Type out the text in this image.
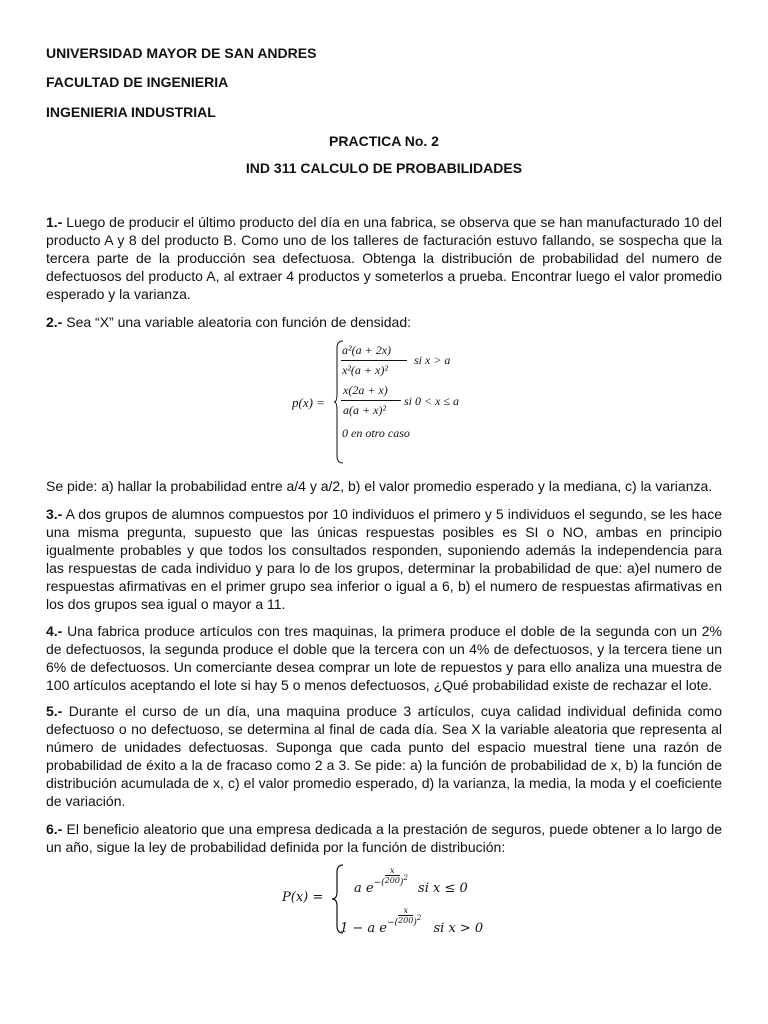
UNIVERSIDAD MAYOR DE SAN ANDRES
FACULTAD DE INGENIERIA
INGENIERIA INDUSTRIAL
PRACTICA No. 2
IND 311 CALCULO DE PROBABILIDADES
1.- Luego de producir el último producto del día en una fabrica, se observa que se han manufacturado 10 del producto A y 8 del producto B. Como uno de los talleres de facturación estuvo fallando, se sospecha que la tercera parte de la producción sea defectuosa. Obtenga la distribución de probabilidad del numero de defectuosos del producto A, al extraer 4 productos y someterlos a prueba. Encontrar luego el valor promedio esperado y la varianza.
2.- Sea “X” una variable aleatoria con función de densidad:
p(x) =
a²(a + 2x)
x²(a + x)²
si x > a
x(2a + x)
a(a + x)²
si 0 < x ≤ a
0 en otro caso
Se pide: a) hallar la probabilidad entre a/4 y a/2, b) el valor promedio esperado y la mediana, c) la varianza.
3.- A dos grupos de alumnos compuestos por 10 individuos el primero y 5 individuos el segundo, se les hace una misma pregunta, supuesto que las únicas respuestas posibles es SI o NO, ambas en principio igualmente probables y que todos los consultados responden, suponiendo además la independencia para las respuestas de cada individuo y para lo de los grupos, determinar la probabilidad de que: a)el numero de respuestas afirmativas en el primer grupo sea inferior o igual a 6, b) el numero de respuestas afirmativas en los dos grupos sea igual o mayor a 11.
4.- Una fabrica produce artículos con tres maquinas, la primera produce el doble de la segunda con un 2% de defectuosos, la segunda produce el doble que la tercera con un 4% de defectuosos, y la tercera tiene un 6% de defectuosos. Un comerciante desea comprar un lote de repuestos y para ello analiza una muestra de 100 artículos aceptando el lote si hay 5 o menos defectuosos, ¿Qué probabilidad existe de rechazar el lote.
5.- Durante el curso de un día, una maquina produce 3 artículos, cuya calidad individual definida como defectuoso o no defectuoso, se determina al final de cada día. Sea X la variable aleatoria que representa al número de unidades defectuosas. Suponga que cada punto del espacio muestral tiene una razón de probabilidad de éxito a la de fracaso como 2 a 3. Se pide: a) la función de probabilidad de x, b) la función de distribución acumulada de x, c) el valor promedio esperado, d) la varianza, la media, la moda y el coeficiente de variación.
6.- El beneficio aleatorio que una empresa dedicada a la prestación de seguros, puede obtener a lo largo de un año, sigue la ley de probabilidad definida por la función de distribución:
P(x) =
a $e^{-(} \frac{x}{200} ^{)2}$ si x ≤ 0
1 − a $e^{-(} \frac{x}{200} ^{)2}$ si x > 0
